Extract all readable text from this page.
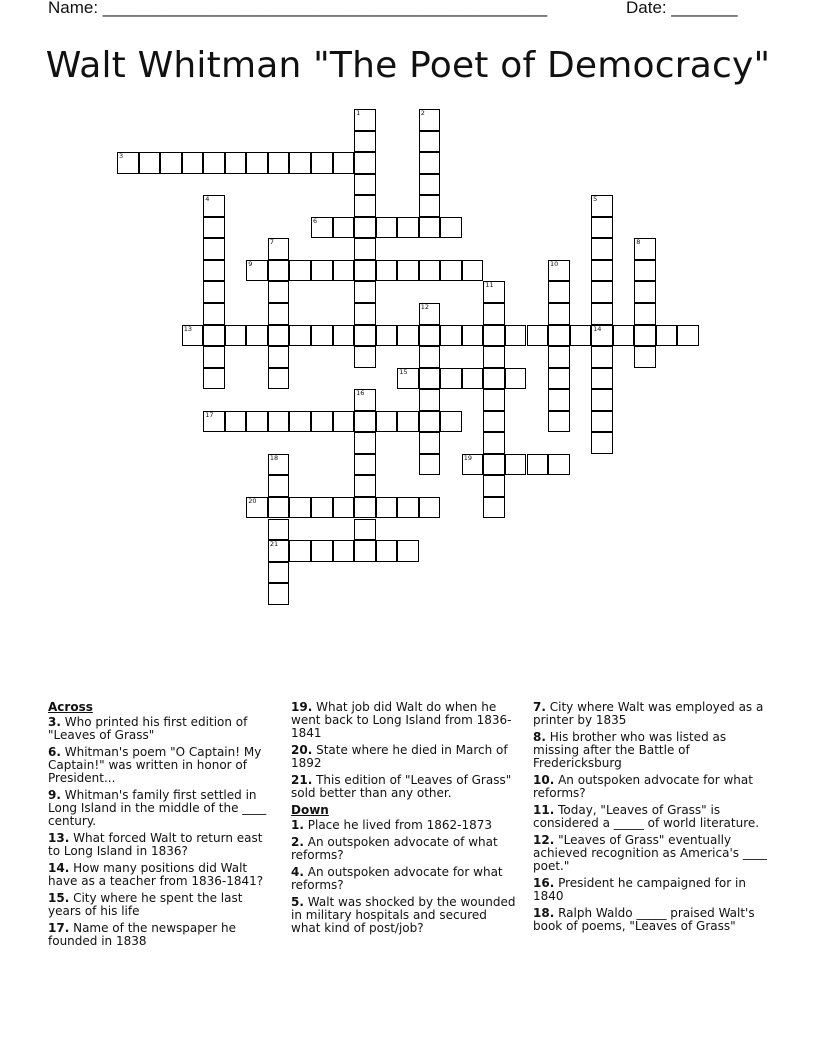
Name: _______________________________________________	Date: _______
Walt Whitman "The Poet of Democracy"
3
6
9
13	14
15
17
19
20
21
1	2
4	5
7	8
10
11
12
16
18
Across
3. Who printed his first edition of "Leaves of Grass"
6. Whitman's poem "O Captain! My Captain!" was written in honor of President...
9. Whitman's family first settled in Long Island in the middle of the ____ century.
13. What forced Walt to return east to Long Island in 1836?
14. How many positions did Walt have as a teacher from 1836-1841?
15. City where he spent the last years of his life
17. Name of the newspaper he founded in 1838
19. What job did Walt do when he went back to Long Island from 1836-1841
20. State where he died in March of 1892
21. This edition of "Leaves of Grass" sold better than any other.
Down
1. Place he lived from 1862-1873
2. An outspoken advocate of what reforms?
4. An outspoken advocate for what reforms?
5. Walt was shocked by the wounded in military hospitals and secured what kind of post/job?
7. City where Walt was employed as a printer by 1835
8. His brother who was listed as missing after the Battle of Fredericksburg
10. An outspoken advocate for what reforms?
11. Today, "Leaves of Grass" is considered a _____ of world literature.
12. "Leaves of Grass" eventually achieved recognition as America's ____ poet."
16. President he campaigned for in 1840
18. Ralph Waldo _____ praised Walt's book of poems, "Leaves of Grass"
